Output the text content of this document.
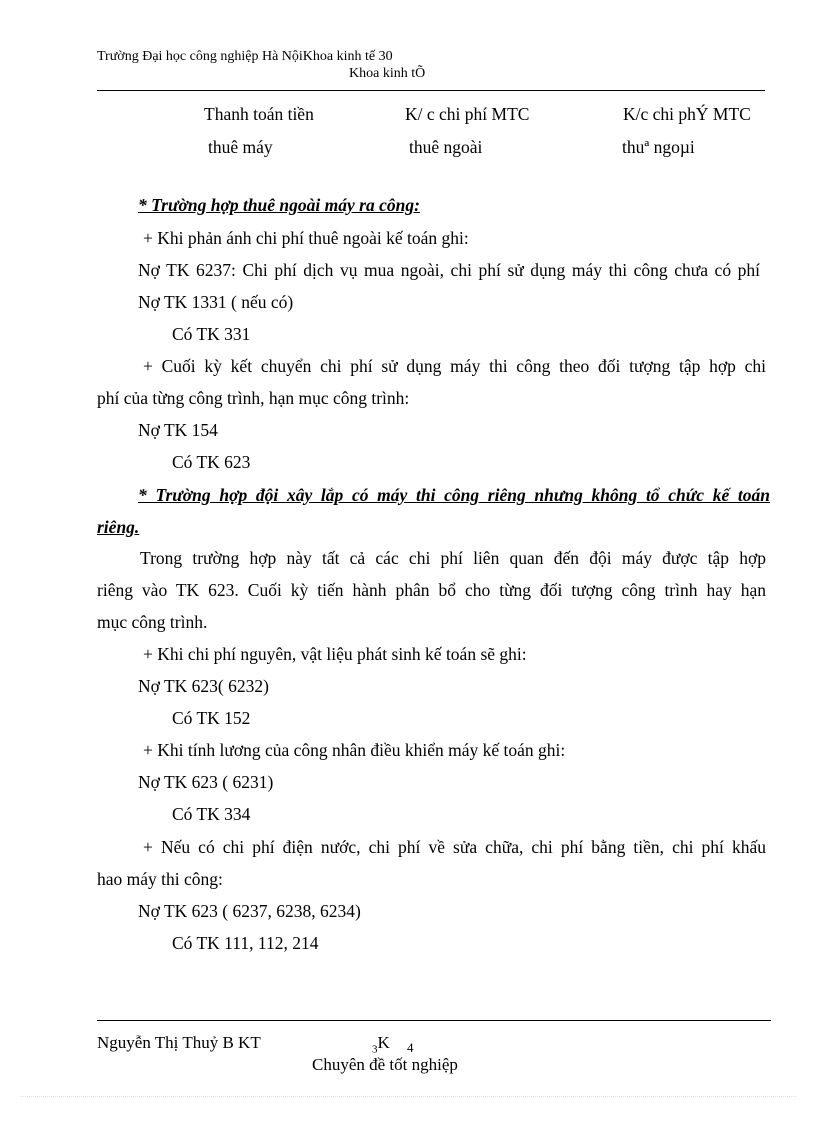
Trường Đại học công nghiệp Hà NộiKhoa kinh tế 30
Khoa kinh tÕ
Thanh toán tiền
thuê máy
K/ c chi phí MTC
thuê ngoài
K/c chi phÝ MTC
thuª ngoµi
* Trường hợp thuê ngoài máy ra công:
+ Khi phản ánh chi phí thuê ngoài kế toán ghi:
Nợ TK 6237: Chi phí dịch vụ mua ngoài, chi phí sử dụng máy thi công chưa có phí
Nợ TK 1331 ( nếu có)
Có TK 331
+ Cuối kỳ kết chuyển chi phí sử dụng máy thi công theo đối tượng tập hợp chi
phí của từng công trình, hạn mục công trình:
Nợ TK 154
Có TK 623
* Trường hợp đội xây lắp có máy thi công riêng nhưng không tổ chức kế toán
riêng.
Trong trường hợp này tất cả các chi phí liên quan đến đội máy được tập hợp
riêng vào TK 623. Cuối kỳ tiến hành phân bổ cho từng đối tượng công trình hay hạn
mục công trình.
+ Khi chi phí nguyên, vật liệu phát sinh kế toán sẽ ghi:
Nợ TK 623( 6232)
Có TK 152
+ Khi tính lương của công nhân điều khiển máy kế toán ghi:
Nợ TK 623 ( 6231)
Có TK 334
+ Nếu có chi phí điện nước, chi phí về sửa chữa, chi phí bằng tiền, chi phí khấu
hao máy thi công:
Nợ TK 623 ( 6237, 6238, 6234)
Có TK 111, 112, 214
Nguyễn Thị Thuỷ B KT	$_3$K 4
Chuyên đề tốt nghiệp
